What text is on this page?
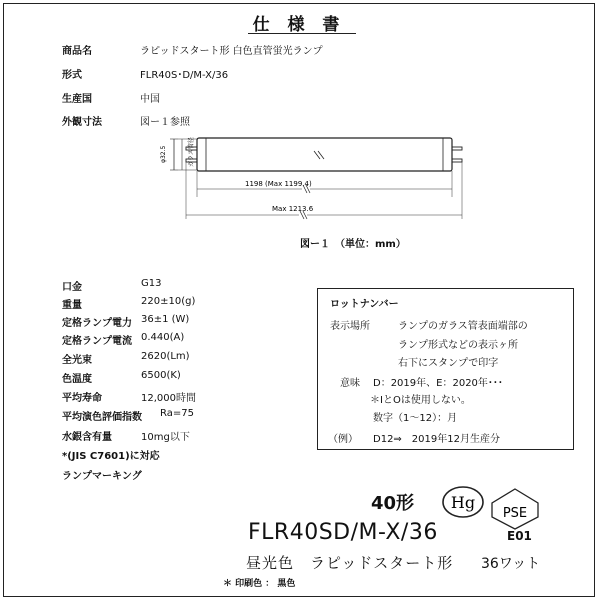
仕 様 書
商品名	ラピッドスタート形 白色直管蛍光ランプ
形式	FLR40S･D/M-X/36
生産国	中国
外観寸法	図ー１参照
φ32.5	ガラス管径
1198 (Max 1199.4)
Max 1213.6
図ー１　（単位：mm）
口金	G13
重量	220±10(g)
定格ランプ電力 36±1 (W)
定格ランプ電流 0.440(A)
全光束	2620(Lm)
色温度	6500(K)
平均寿命	12,000時間
平均演色評価指数 Ra=75
水銀含有量	10mg以下
*(JIS C7601)に対応
ランプマーキング
ロットナンバー
表示場所	ランプのガラス管表面端部の
ランプ形式などの表示ヶ所
右下にスタンプで印字
意味 D：2019年、E：2020年･･･
＊IとOは使用しない。
数字（1～12）：月
（例） D12⇒　2019年12月生産分
40形 Hg
PSE
E01
FLR40SD/M-X/36
昼光色　ラピッドスタート形 36ワット
＊ 印刷色 ： 黒色
